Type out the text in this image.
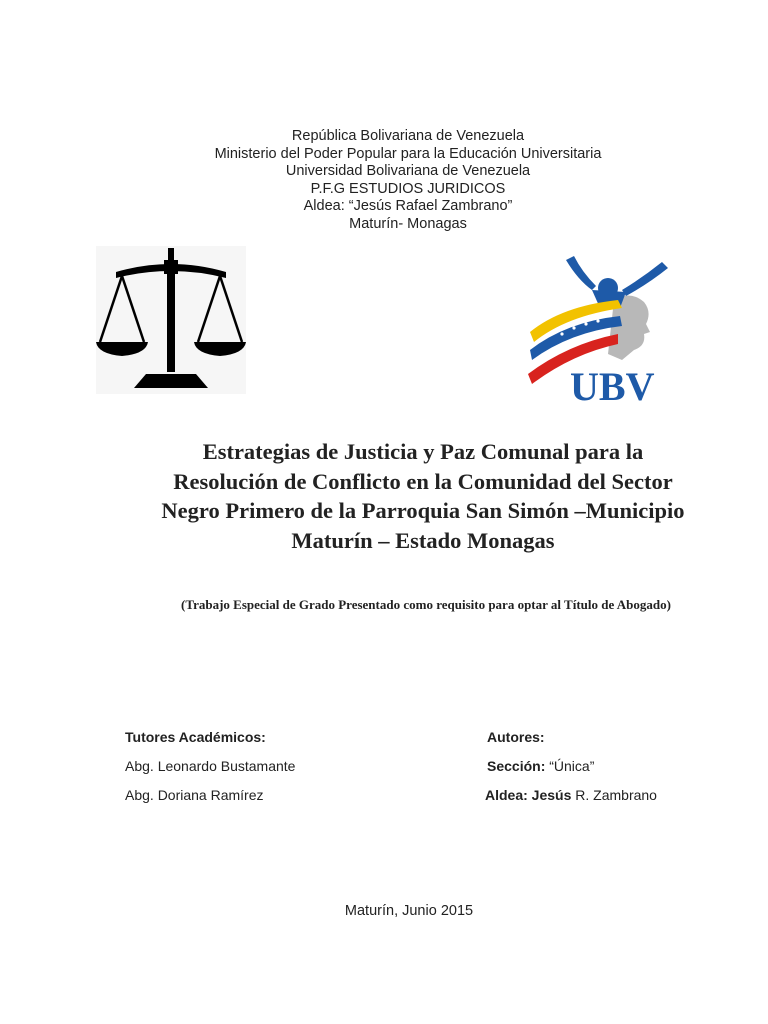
República Bolivariana de Venezuela
Ministerio del Poder Popular para la Educación Universitaria
Universidad Bolivariana de Venezuela
P.F.G ESTUDIOS JURIDICOS
Aldea: “Jesús Rafael Zambrano”
Maturín- Monagas
UBV
Estrategias de Justicia y Paz Comunal para la
Resolución de Conflicto en la Comunidad del Sector
Negro Primero de la Parroquia San Simón –Municipio
Maturín – Estado Monagas
(Trabajo Especial de Grado Presentado como requisito para optar al Título de Abogado)
Tutores Académicos:
Abg. Leonardo Bustamante
Abg. Doriana Ramírez
Autores:
Sección: “Única”
Aldea: Jesús R. Zambrano
Maturín, Junio 2015
